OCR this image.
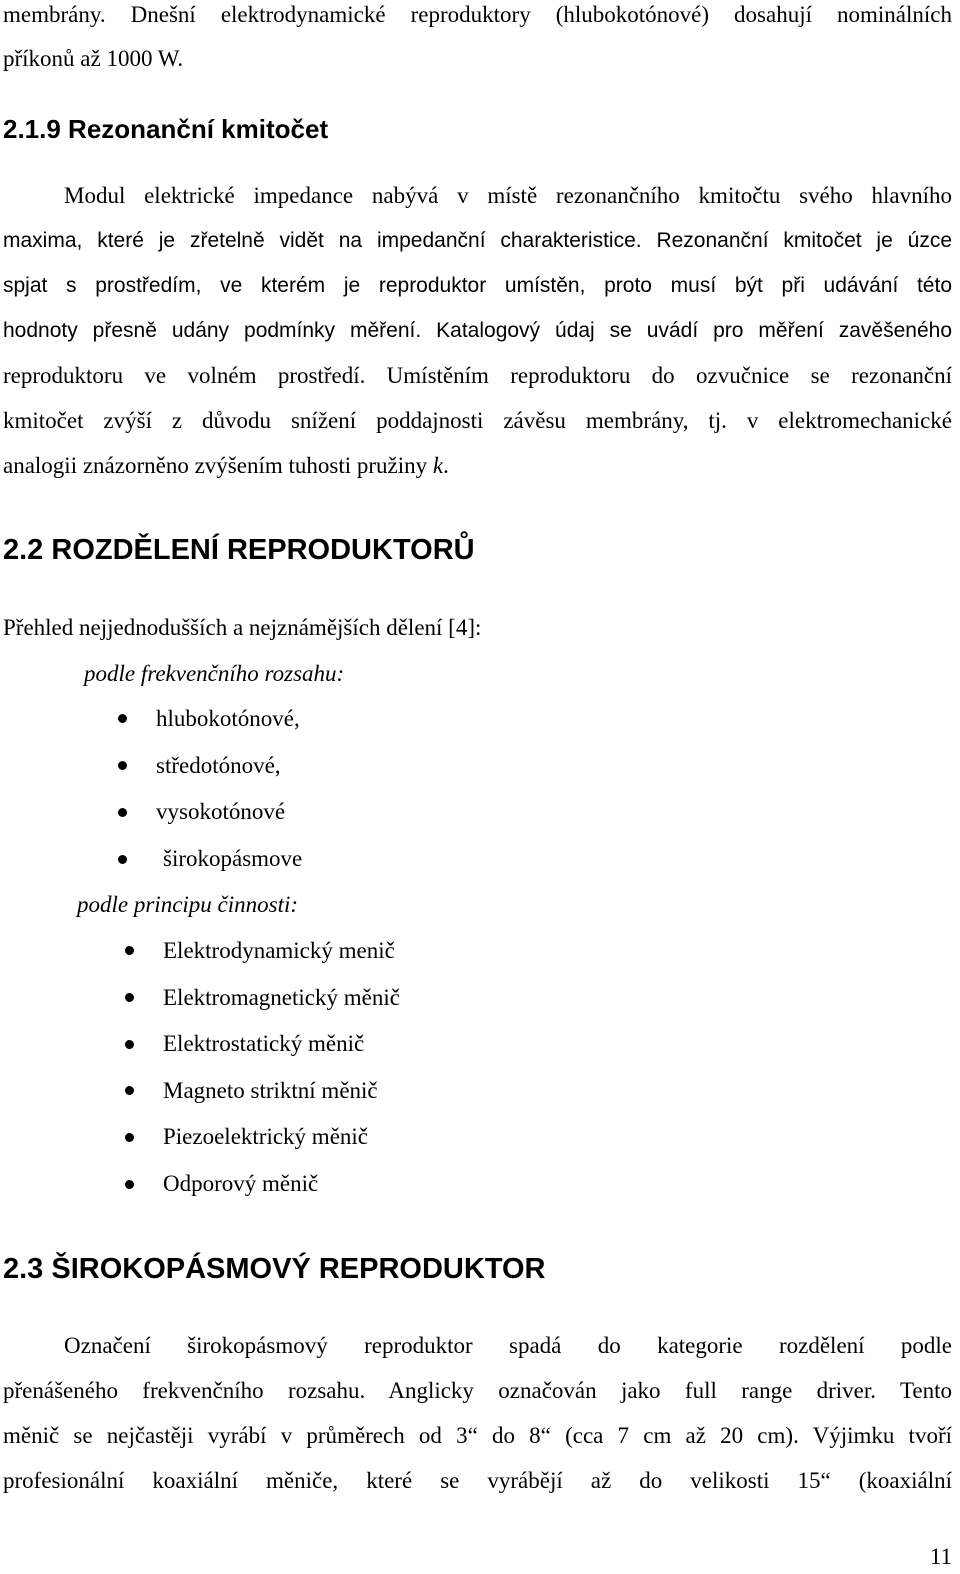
membrány. Dnešní elektrodynamické reproduktory (hlubokotónové) dosahují nominálních
příkonů až 1000 W.
2.1.9 Rezonanční kmitočet
Modul elektrické impedance nabývá v místě rezonančního kmitočtu svého hlavního
maxima, které je zřetelně vidět na impedanční charakteristice. Rezonanční kmitočet je úzce
spjat s prostředím, ve kterém je reproduktor umístěn, proto musí být při udávání této
hodnoty přesně udány podmínky měření. Katalogový údaj se uvádí pro měření zavěšeného
reproduktoru ve volném prostředí. Umístěním reproduktoru do ozvučnice se rezonanční
kmitočet zvýší z důvodu snížení poddajnosti závěsu membrány, tj. v elektromechanické
analogii znázorněno zvýšením tuhosti pružiny k.
2.2 ROZDĚLENÍ REPRODUKTORŮ
Přehled nejjednodušších a nejznámějších dělení [4]:
podle frekvenčního rozsahu:
hlubokotónové,
středotónové,
vysokotónové
širokopásmove
podle principu činnosti:
Elektrodynamický menič
Elektromagnetický měnič
Elektrostatický měnič
Magneto striktní měnič
Piezoelektrický měnič
Odporový měnič
2.3 ŠIROKOPÁSMOVÝ REPRODUKTOR
Označení širokopásmový reproduktor spadá do kategorie rozdělení podle
přenášeného frekvenčního rozsahu. Anglicky označován jako full range driver. Tento
měnič se nejčastěji vyrábí v průměrech od 3“ do 8“ (cca 7 cm až 20 cm). Výjimku tvoří
profesionální koaxiální měniče, které se vyrábějí až do velikosti 15“ (koaxiální
11
